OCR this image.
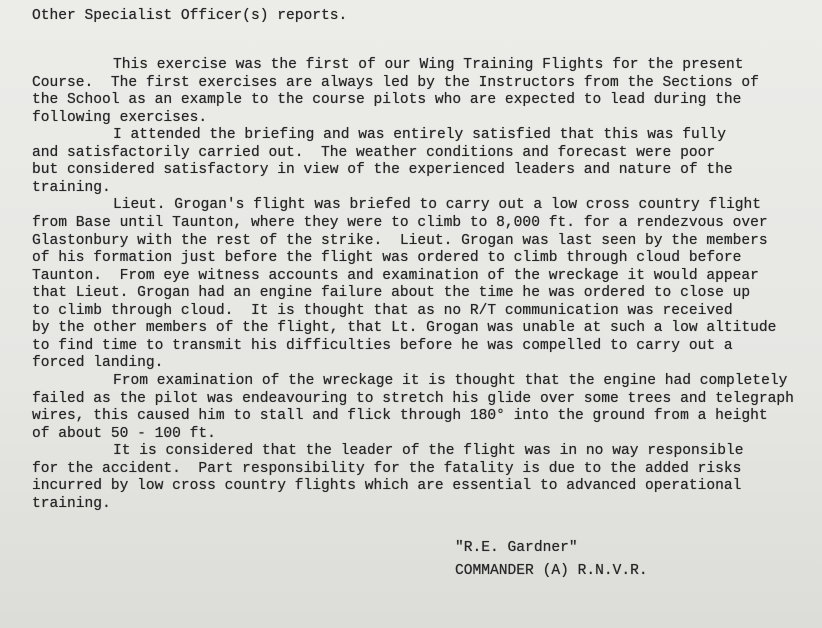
Other Specialist Officer(s) reports.
This exercise was the first of our Wing Training Flights for the present
Course.  The first exercises are always led by the Instructors from the Sections of
the School as an example to the course pilots who are expected to lead during the
following exercises.
I attended the briefing and was entirely satisfied that this was fully
and satisfactorily carried out.  The weather conditions and forecast were poor
but considered satisfactory in view of the experienced leaders and nature of the
training.
Lieut. Grogan's flight was briefed to carry out a low cross country flight
from Base until Taunton, where they were to climb to 8,000 ft. for a rendezvous over
Glastonbury with the rest of the strike.  Lieut. Grogan was last seen by the members
of his formation just before the flight was ordered to climb through cloud before
Taunton.  From eye witness accounts and examination of the wreckage it would appear
that Lieut. Grogan had an engine failure about the time he was ordered to close up
to climb through cloud.  It is thought that as no R/T communication was received
by the other members of the flight, that Lt. Grogan was unable at such a low altitude
to find time to transmit his difficulties before he was compelled to carry out a
forced landing.
From examination of the wreckage it is thought that the engine had completely
failed as the pilot was endeavouring to stretch his glide over some trees and telegraph
wires, this caused him to stall and flick through 180° into the ground from a height
of about 50 - 100 ft.
It is considered that the leader of the flight was in no way responsible
for the accident.  Part responsibility for the fatality is due to the added risks
incurred by low cross country flights which are essential to advanced operational
training.
"R.E. Gardner"
COMMANDER (A) R.N.V.R.
